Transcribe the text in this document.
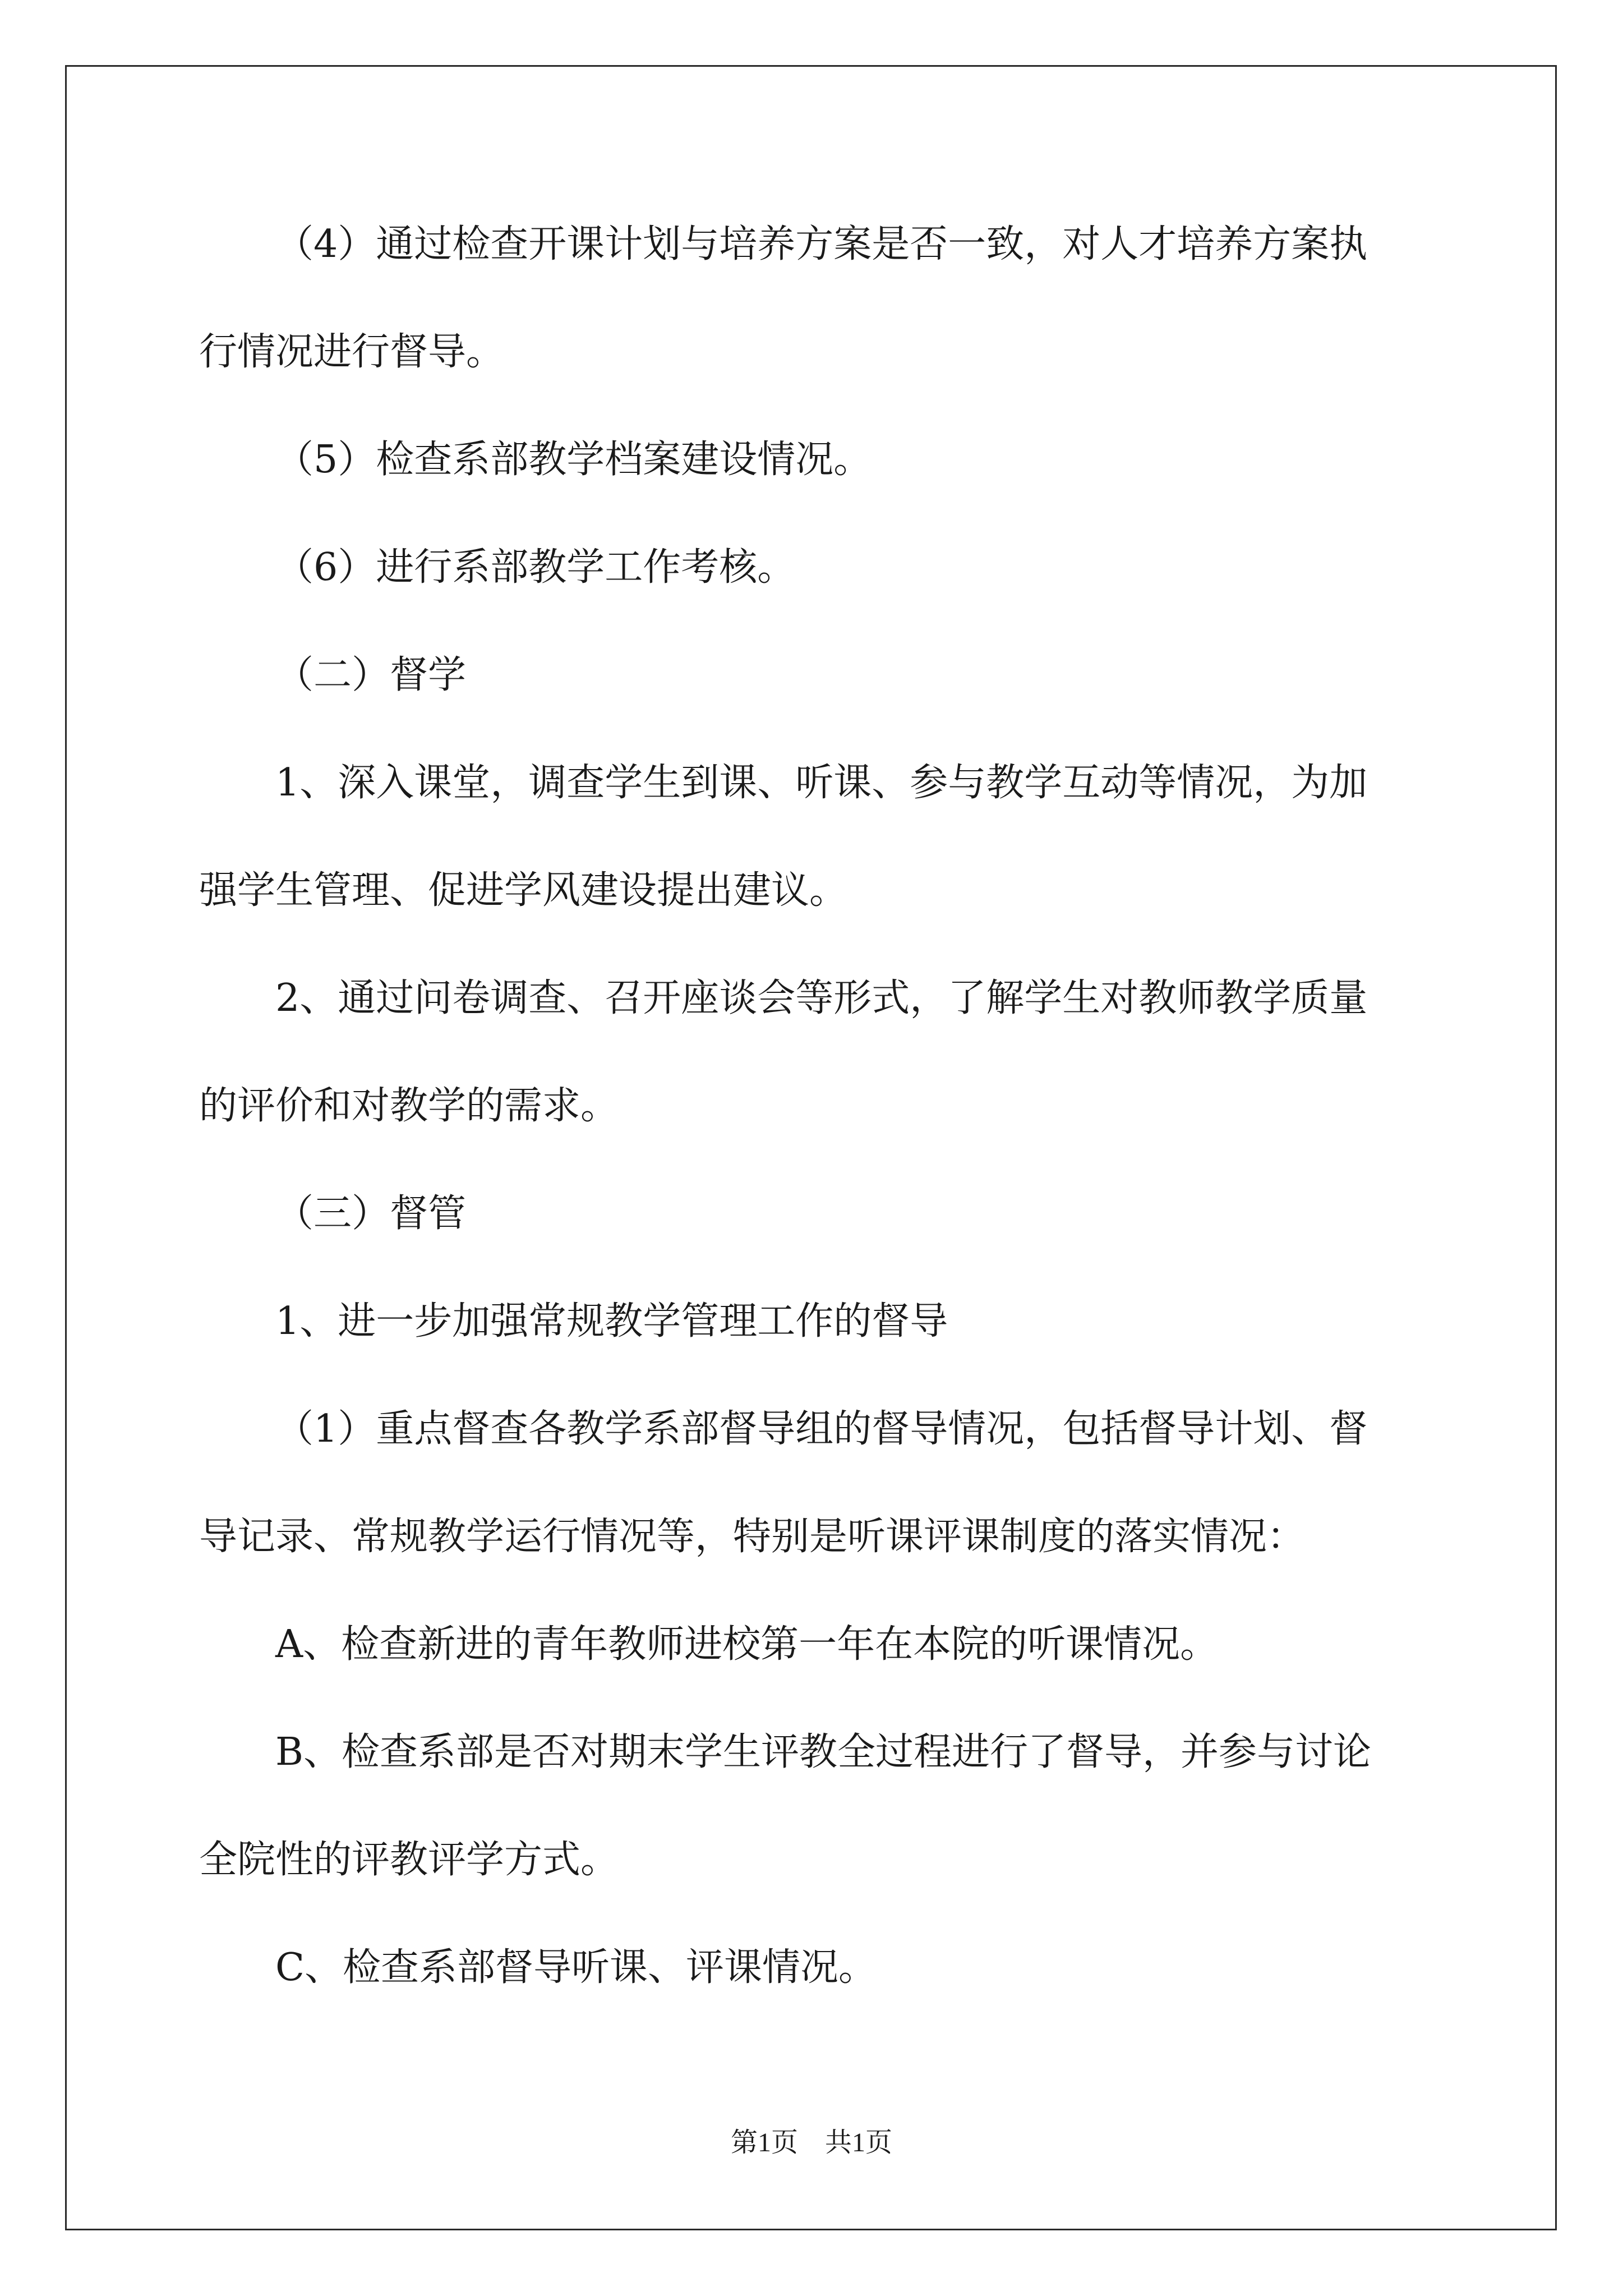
（4）通过检查开课计划与培养方案是否一致，对人才培养方案执

行情况进行督导。

（5）检查系部教学档案建设情况。

（6）进行系部教学工作考核。

（二）督学

1、深入课堂，调查学生到课、听课、参与教学互动等情况，为加

强学生管理、促进学风建设提出建议。

2、通过问卷调查、召开座谈会等形式，了解学生对教师教学质量

的评价和对教学的需求。

（三）督管

1、进一步加强常规教学管理工作的督导

（1）重点督查各教学系部督导组的督导情况，包括督导计划、督

导记录、常规教学运行情况等，特别是听课评课制度的落实情况：

A、检查新进的青年教师进校第一年在本院的听课情况。

B、检查系部是否对期末学生评教全过程进行了督导，并参与讨论

全院性的评教评学方式。

C、检查系部督导听课、评课情况。

第1页 共1页
